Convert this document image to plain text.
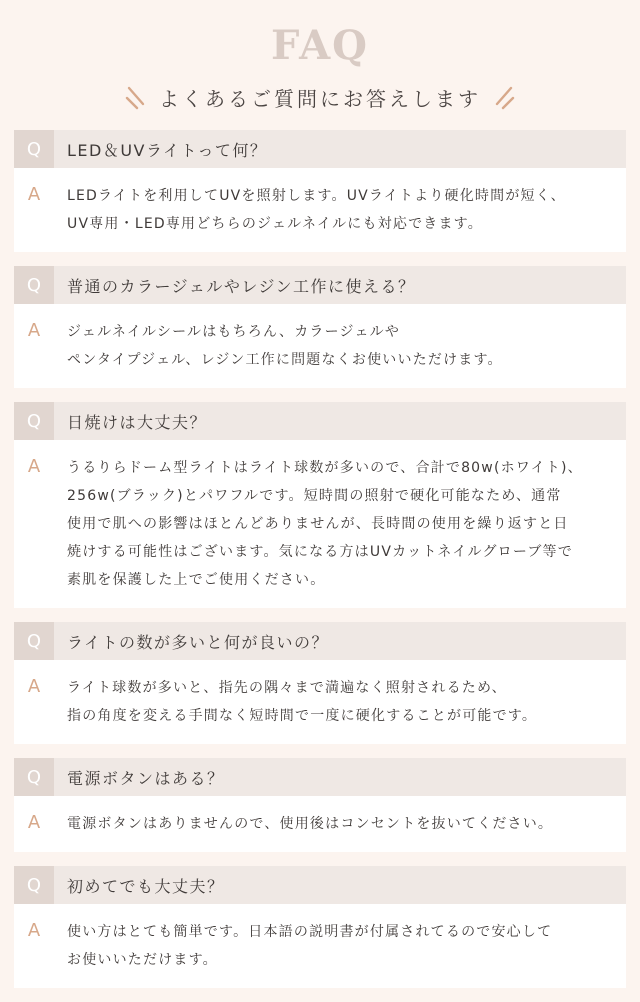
FAQ
よくあるご質問にお答えします
Q	LED＆UVライトって何？
A	LEDライトを利用してUVを照射します。UVライトより硬化時間が短く、
UV専用・LED専用どちらのジェルネイルにも対応できます。
Q	普通のカラージェルやレジン工作に使える？
A	ジェルネイルシールはもちろん、カラージェルや
ペンタイプジェル、レジン工作に問題なくお使いいただけます。
Q	日焼けは大丈夫？
A	うるりらドーム型ライトはライト球数が多いので、合計で80w(ホワイト)、
256w(ブラック)とパワフルです。短時間の照射で硬化可能なため、通常
使用で肌への影響はほとんどありませんが、長時間の使用を繰り返すと日
焼けする可能性はございます。気になる方はUVカットネイルグローブ等で
素肌を保護した上でご使用ください。
Q	ライトの数が多いと何が良いの？
A	ライト球数が多いと、指先の隅々まで満遍なく照射されるため、
指の角度を変える手間なく短時間で一度に硬化することが可能です。
Q	電源ボタンはある？
A	電源ボタンはありませんので、使用後はコンセントを抜いてください。
Q	初めてでも大丈夫？
A	使い方はとても簡単です。日本語の説明書が付属されてるので安心して
お使いいただけます。
